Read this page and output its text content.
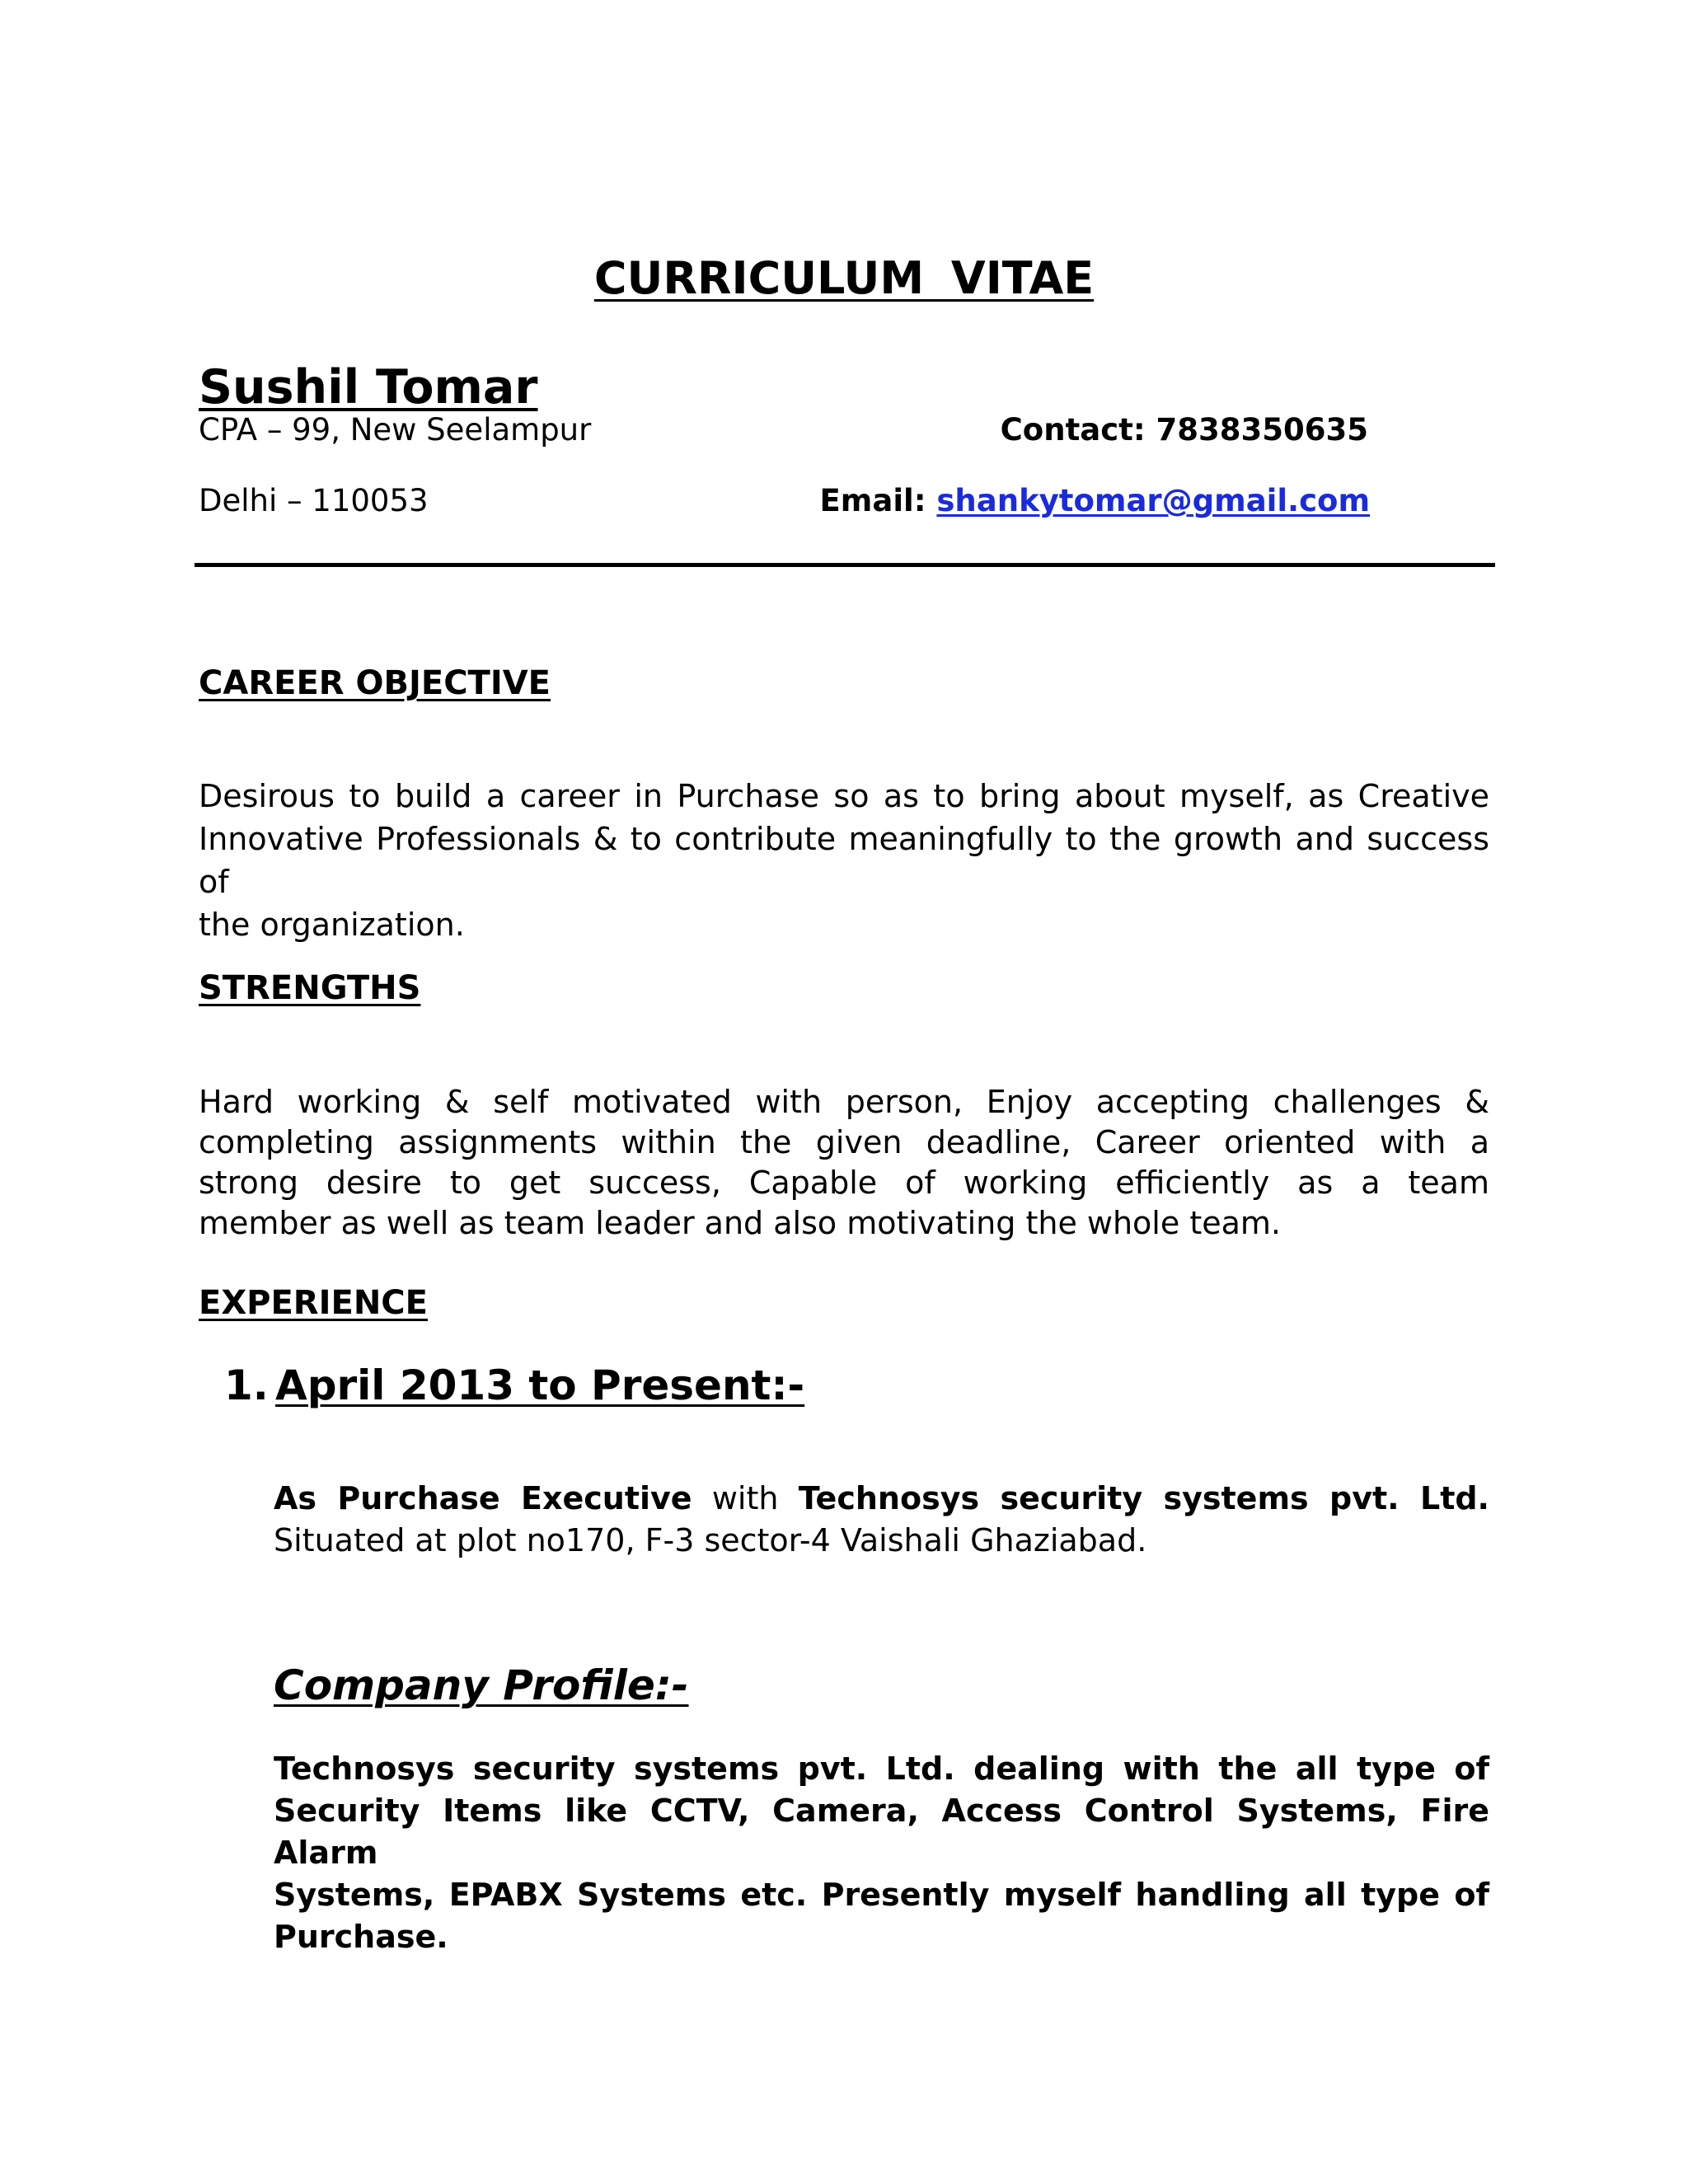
CURRICULUM VITAE
Sushil Tomar
CPA – 99, New Seelampur
Delhi – 110053
Contact: 7838350635
Email: shankytomar@gmail.com
CAREER OBJECTIVE
Desirous to build a career in Purchase so as to bring about myself, as Creative
Innovative Professionals & to contribute meaningfully to the growth and success of
the organization.
STRENGTHS
Hard working & self motivated with person, Enjoy accepting challenges &
completing assignments within the given deadline, Career oriented with a
strong desire to get success, Capable of working efficiently as a team
member as well as team leader and also motivating the whole team.
EXPERIENCE
1. April 2013 to Present:-
As Purchase Executive with Technosys security systems pvt. Ltd.
Situated at plot no170, F-3 sector-4 Vaishali Ghaziabad.
Company Profile:-
Technosys security systems pvt. Ltd. dealing with the all type of
Security Items like CCTV, Camera, Access Control Systems, Fire Alarm
Systems, EPABX Systems etc. Presently myself handling all type of
Purchase.
